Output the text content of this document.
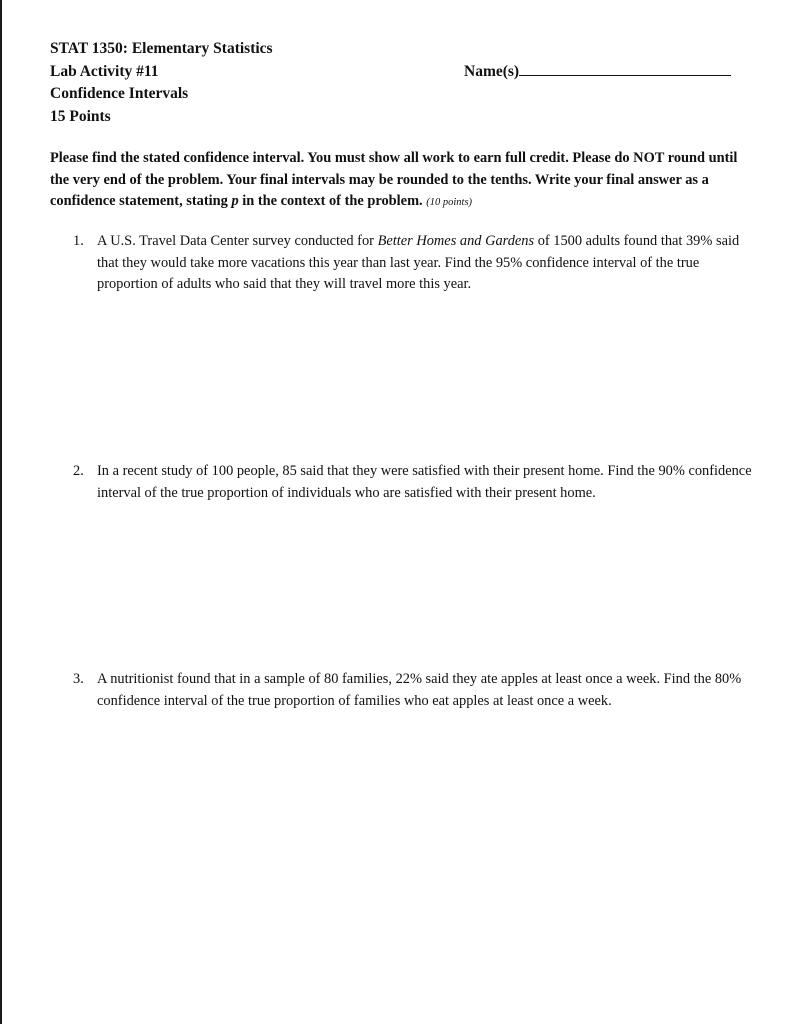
STAT 1350: Elementary Statistics
Lab Activity #11
Confidence Intervals
15 Points
Name(s)
Please find the stated confidence interval. You must show all work to earn full credit. Please do NOT round until the very end of the problem. Your final intervals may be rounded to the tenths. Write your final answer as a confidence statement, stating p in the context of the problem. (10 points)
1. A U.S. Travel Data Center survey conducted for Better Homes and Gardens of 1500 adults found that 39% said that they would take more vacations this year than last year. Find the 95% confidence interval of the true proportion of adults who said that they will travel more this year.
2. In a recent study of 100 people, 85 said that they were satisfied with their present home. Find the 90% confidence interval of the true proportion of individuals who are satisfied with their present home.
3. A nutritionist found that in a sample of 80 families, 22% said they ate apples at least once a week. Find the 80% confidence interval of the true proportion of families who eat apples at least once a week.
